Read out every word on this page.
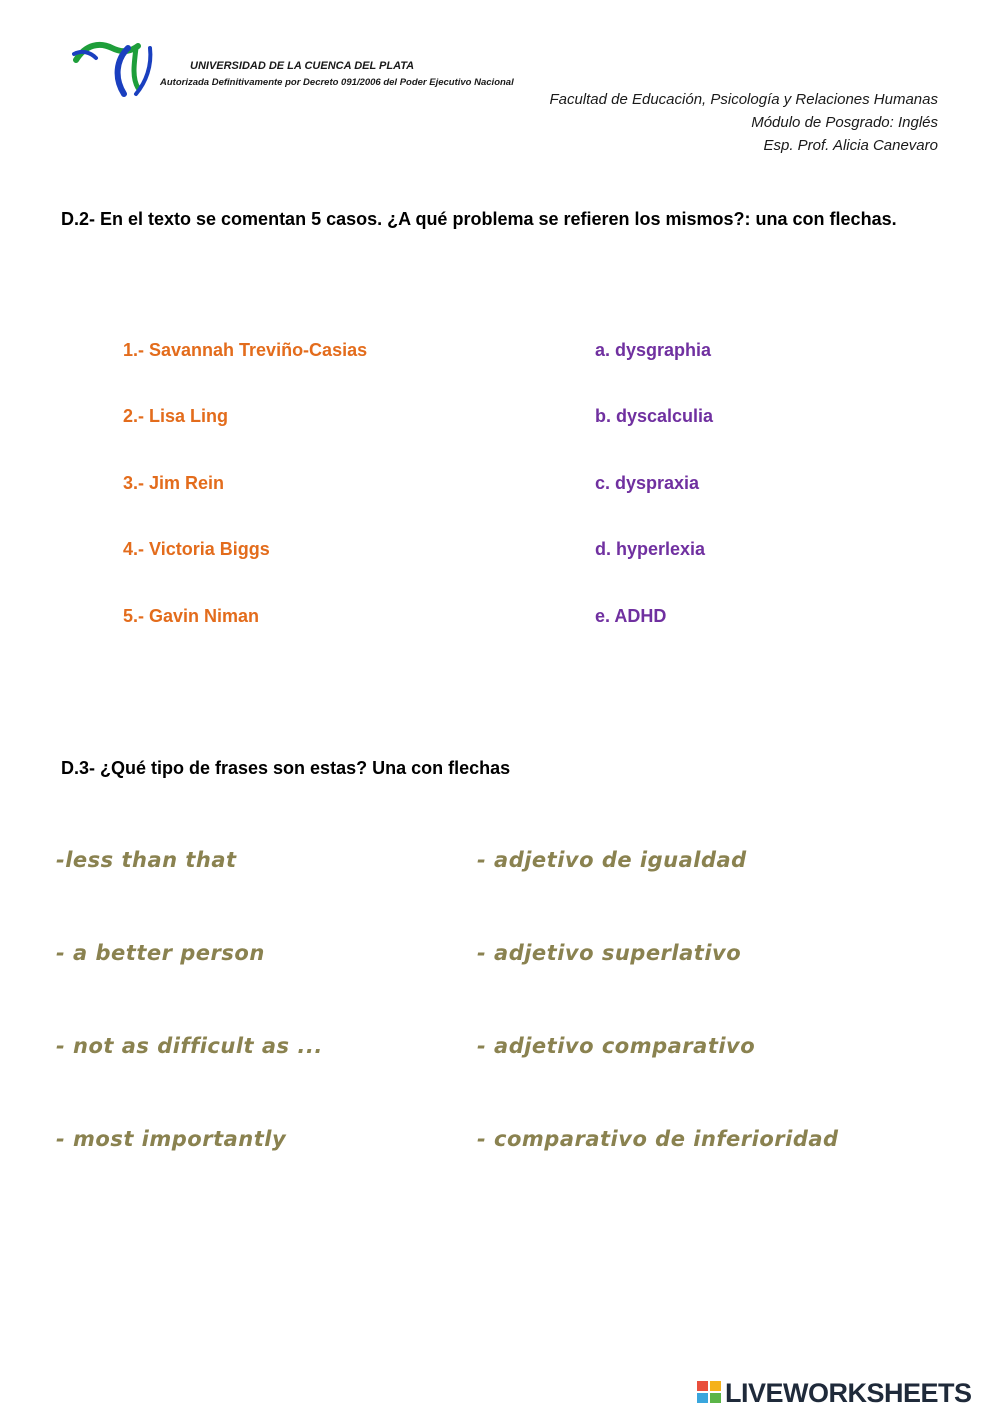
UNIVERSIDAD DE LA CUENCA DEL PLATA
Autorizada Definitivamente por Decreto 091/2006 del Poder Ejecutivo Nacional
Facultad de Educación, Psicología y Relaciones Humanas
Módulo de Posgrado: Inglés
Esp. Prof. Alicia Canevaro
D.2- En el texto se comentan 5 casos. ¿A qué problema se refieren los mismos?: una con flechas.
1.- Savannah Treviño-Casias
2.- Lisa Ling
3.- Jim Rein
4.- Victoria Biggs
5.- Gavin Niman
a. dysgraphia
b. dyscalculia
c. dyspraxia
d. hyperlexia
e. ADHD
D.3- ¿Qué tipo de frases son estas? Una con flechas
-less than that
- a better person
- not as difficult as ...
- most importantly
- adjetivo de igualdad
- adjetivo superlativo
- adjetivo comparativo
- comparativo de inferioridad
LIVEWORKSHEETS
